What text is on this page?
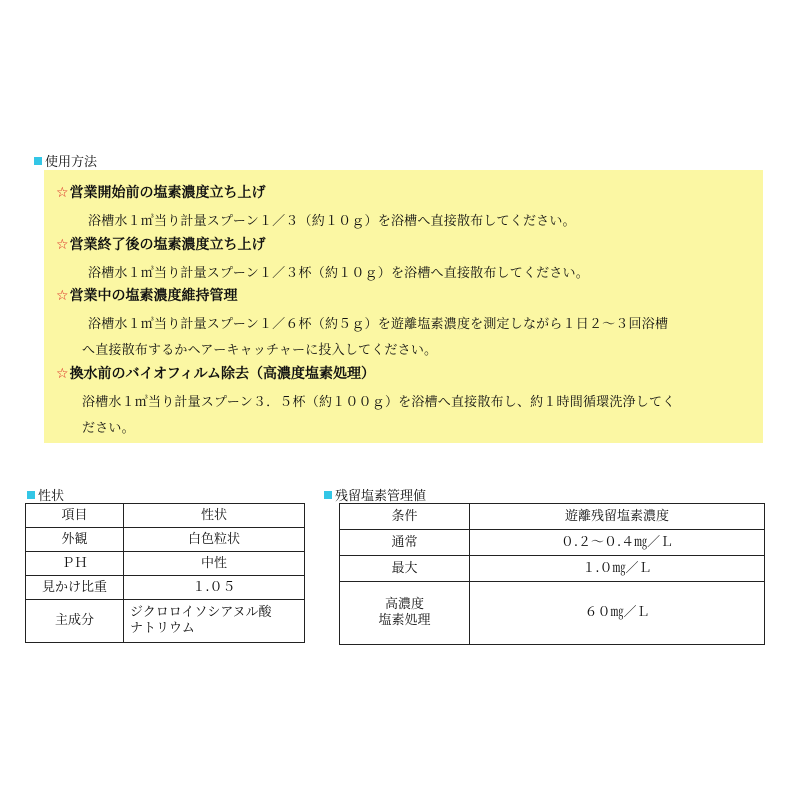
使用方法
☆営業開始前の塩素濃度立ち上げ
浴槽水１㎥当り計量スプーン１／３（約１０ｇ）を浴槽へ直接散布してください。
☆営業終了後の塩素濃度立ち上げ
浴槽水１㎥当り計量スプーン１／３杯（約１０ｇ）を浴槽へ直接散布してください。
☆営業中の塩素濃度維持管理
浴槽水１㎥当り計量スプーン１／６杯（約５ｇ）を遊離塩素濃度を測定しながら１日２～３回浴槽
へ直接散布するかヘアーキャッチャーに投入してください。
☆換水前のバイオフィルム除去（高濃度塩素処理）
浴槽水１㎥当り計量スプーン３．５杯（約１００ｇ）を浴槽へ直接散布し、約１時間循環洗浄してく
ださい。
性状
項目	性状
外観	白色粒状
ＰＨ	中性
見かけ比重	１.０５
主成分	ジクロロイソシアヌル酸
ナトリウム
残留塩素管理値
条件	遊離残留塩素濃度
通常	０.２～０.４㎎／Ｌ
最大	１.０㎎／Ｌ

高濃度
塩素処理	６０㎎／Ｌ
